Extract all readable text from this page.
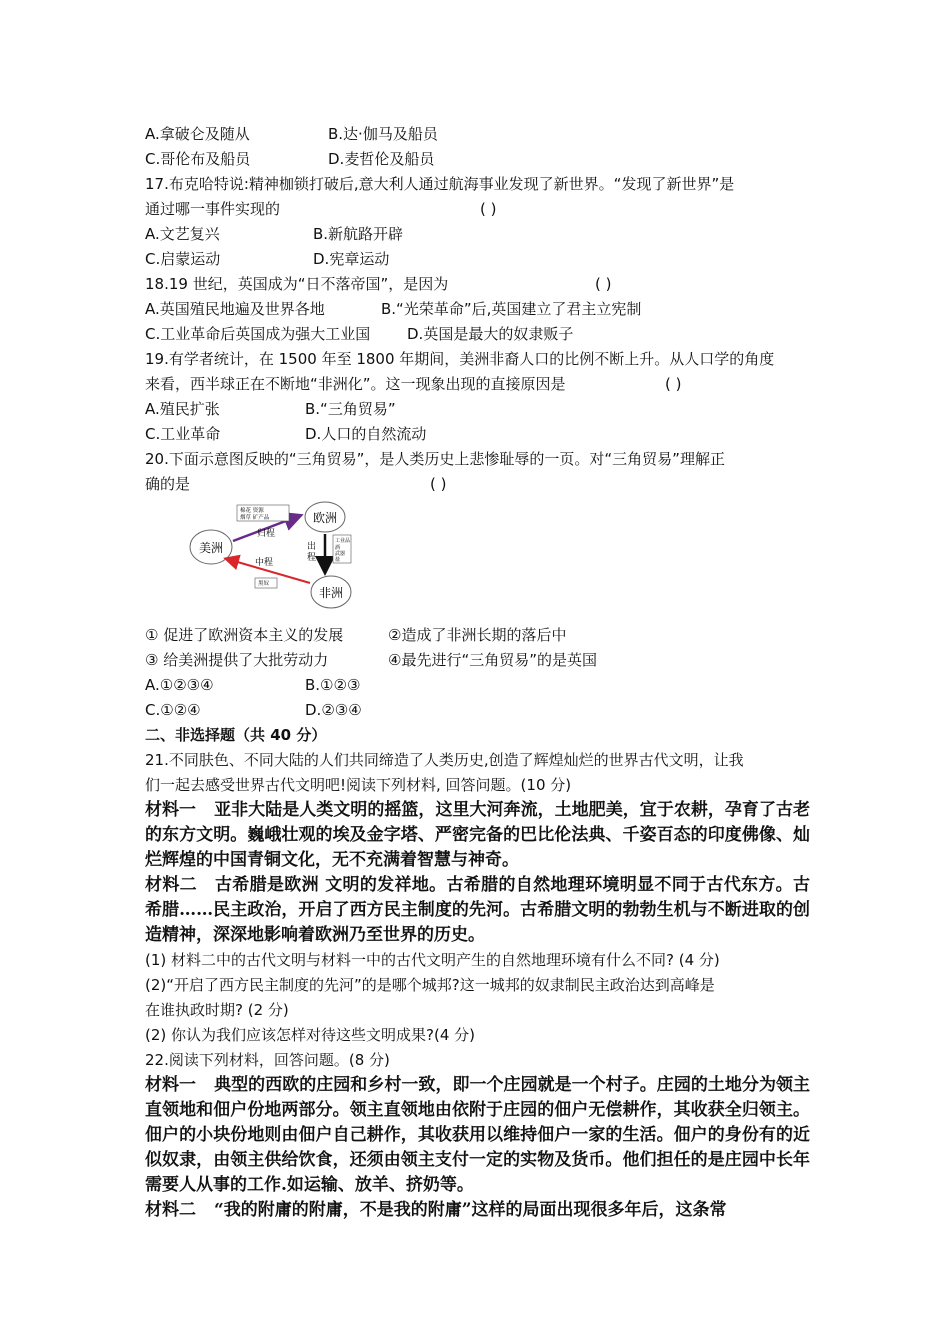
A.拿破仑及随从	B.达·伽马及船员
C.哥伦布及船员	D.麦哲伦及船员
17.布克哈特说:精神枷锁打破后,意大利人通过航海事业发现了新世界。“发现了新世界”是
通过哪一事件实现的	( )
A.文艺复兴	B.新航路开辟
C.启蒙运动	D.宪章运动
18.19 世纪，英国成为“日不落帝国”，是因为	( )
A.英国殖民地遍及世界各地	B.“光荣革命”后,英国建立了君主立宪制
C.工业革命后英国成为强大工业国 D.英国是最大的奴隶贩子
19.有学者统计，在 1500 年至 1800 年期间，美洲非裔人口的比例不断上升。从人口学的角度
来看，西半球正在不断地“非洲化”。这一现象出现的直接原因是	( )
A.殖民扩张	B.“三角贸易”
C.工业革命	D.人口的自然流动
20.下面示意图反映的“三角贸易”，是人类历史上悲惨耻辱的一页。对“三角贸易”理解正
确的是	( )
美洲
欧洲
非洲
棉花 资源
烟草 矿产品
归程
出
程
工业品
酒
武器
盐
中程
黑奴
① 促进了欧洲资本主义的发展	②造成了非洲长期的落后中
③ 给美洲提供了大批劳动力	④最先进行“三角贸易”的是英国
A.①②③④	B.①②③
C.①②④	D.②③④
二、非选择题（共 40 分）
21.不同肤色、不同大陆的人们共同缔造了人类历史,创造了辉煌灿烂的世界古代文明，让我
们一起去感受世界古代文明吧!阅读下列材料, 回答问题。(10 分)
材料一 亚非大陆是人类文明的摇篮，这里大河奔流，土地肥美，宜于农耕，孕育了古老的东方文明。巍峨壮观的埃及金字塔、严密完备的巴比伦法典、千姿百态的印度佛像、灿烂辉煌的中国青铜文化，无不充满着智慧与神奇。
材料二 古希腊是欧洲 文明的发祥地。古希腊的自然地理环境明显不同于古代东方。古希腊……民主政治，开启了西方民主制度的先河。古希腊文明的勃勃生机与不断进取的创造精神，深深地影响着欧洲乃至世界的历史。
(1) 材料二中的古代文明与材料一中的古代文明产生的自然地理环境有什么不同? (4 分)
(2)“开启了西方民主制度的先河”的是哪个城邦?这一城邦的奴隶制民主政治达到高峰是
在谁执政时期? (2 分)
(2) 你认为我们应该怎样对待这些文明成果?(4 分)
22.阅读下列材料，回答问题。(8 分)
材料一 典型的西欧的庄园和乡村一致，即一个庄园就是一个村子。庄园的土地分为领主直领地和佃户份地两部分。领主直领地由依附于庄园的佃户无偿耕作，其收获全归领主。佃户的小块份地则由佃户自己耕作，其收获用以维持佃户一家的生活。佃户的身份有的近似奴隶，由领主供给饮食，还须由领主支付一定的实物及货币。他们担任的是庄园中长年需要人从事的工作.如运输、放羊、挤奶等。
材料二 “我的附庸的附庸，不是我的附庸”这样的局面出现很多年后，这条常
